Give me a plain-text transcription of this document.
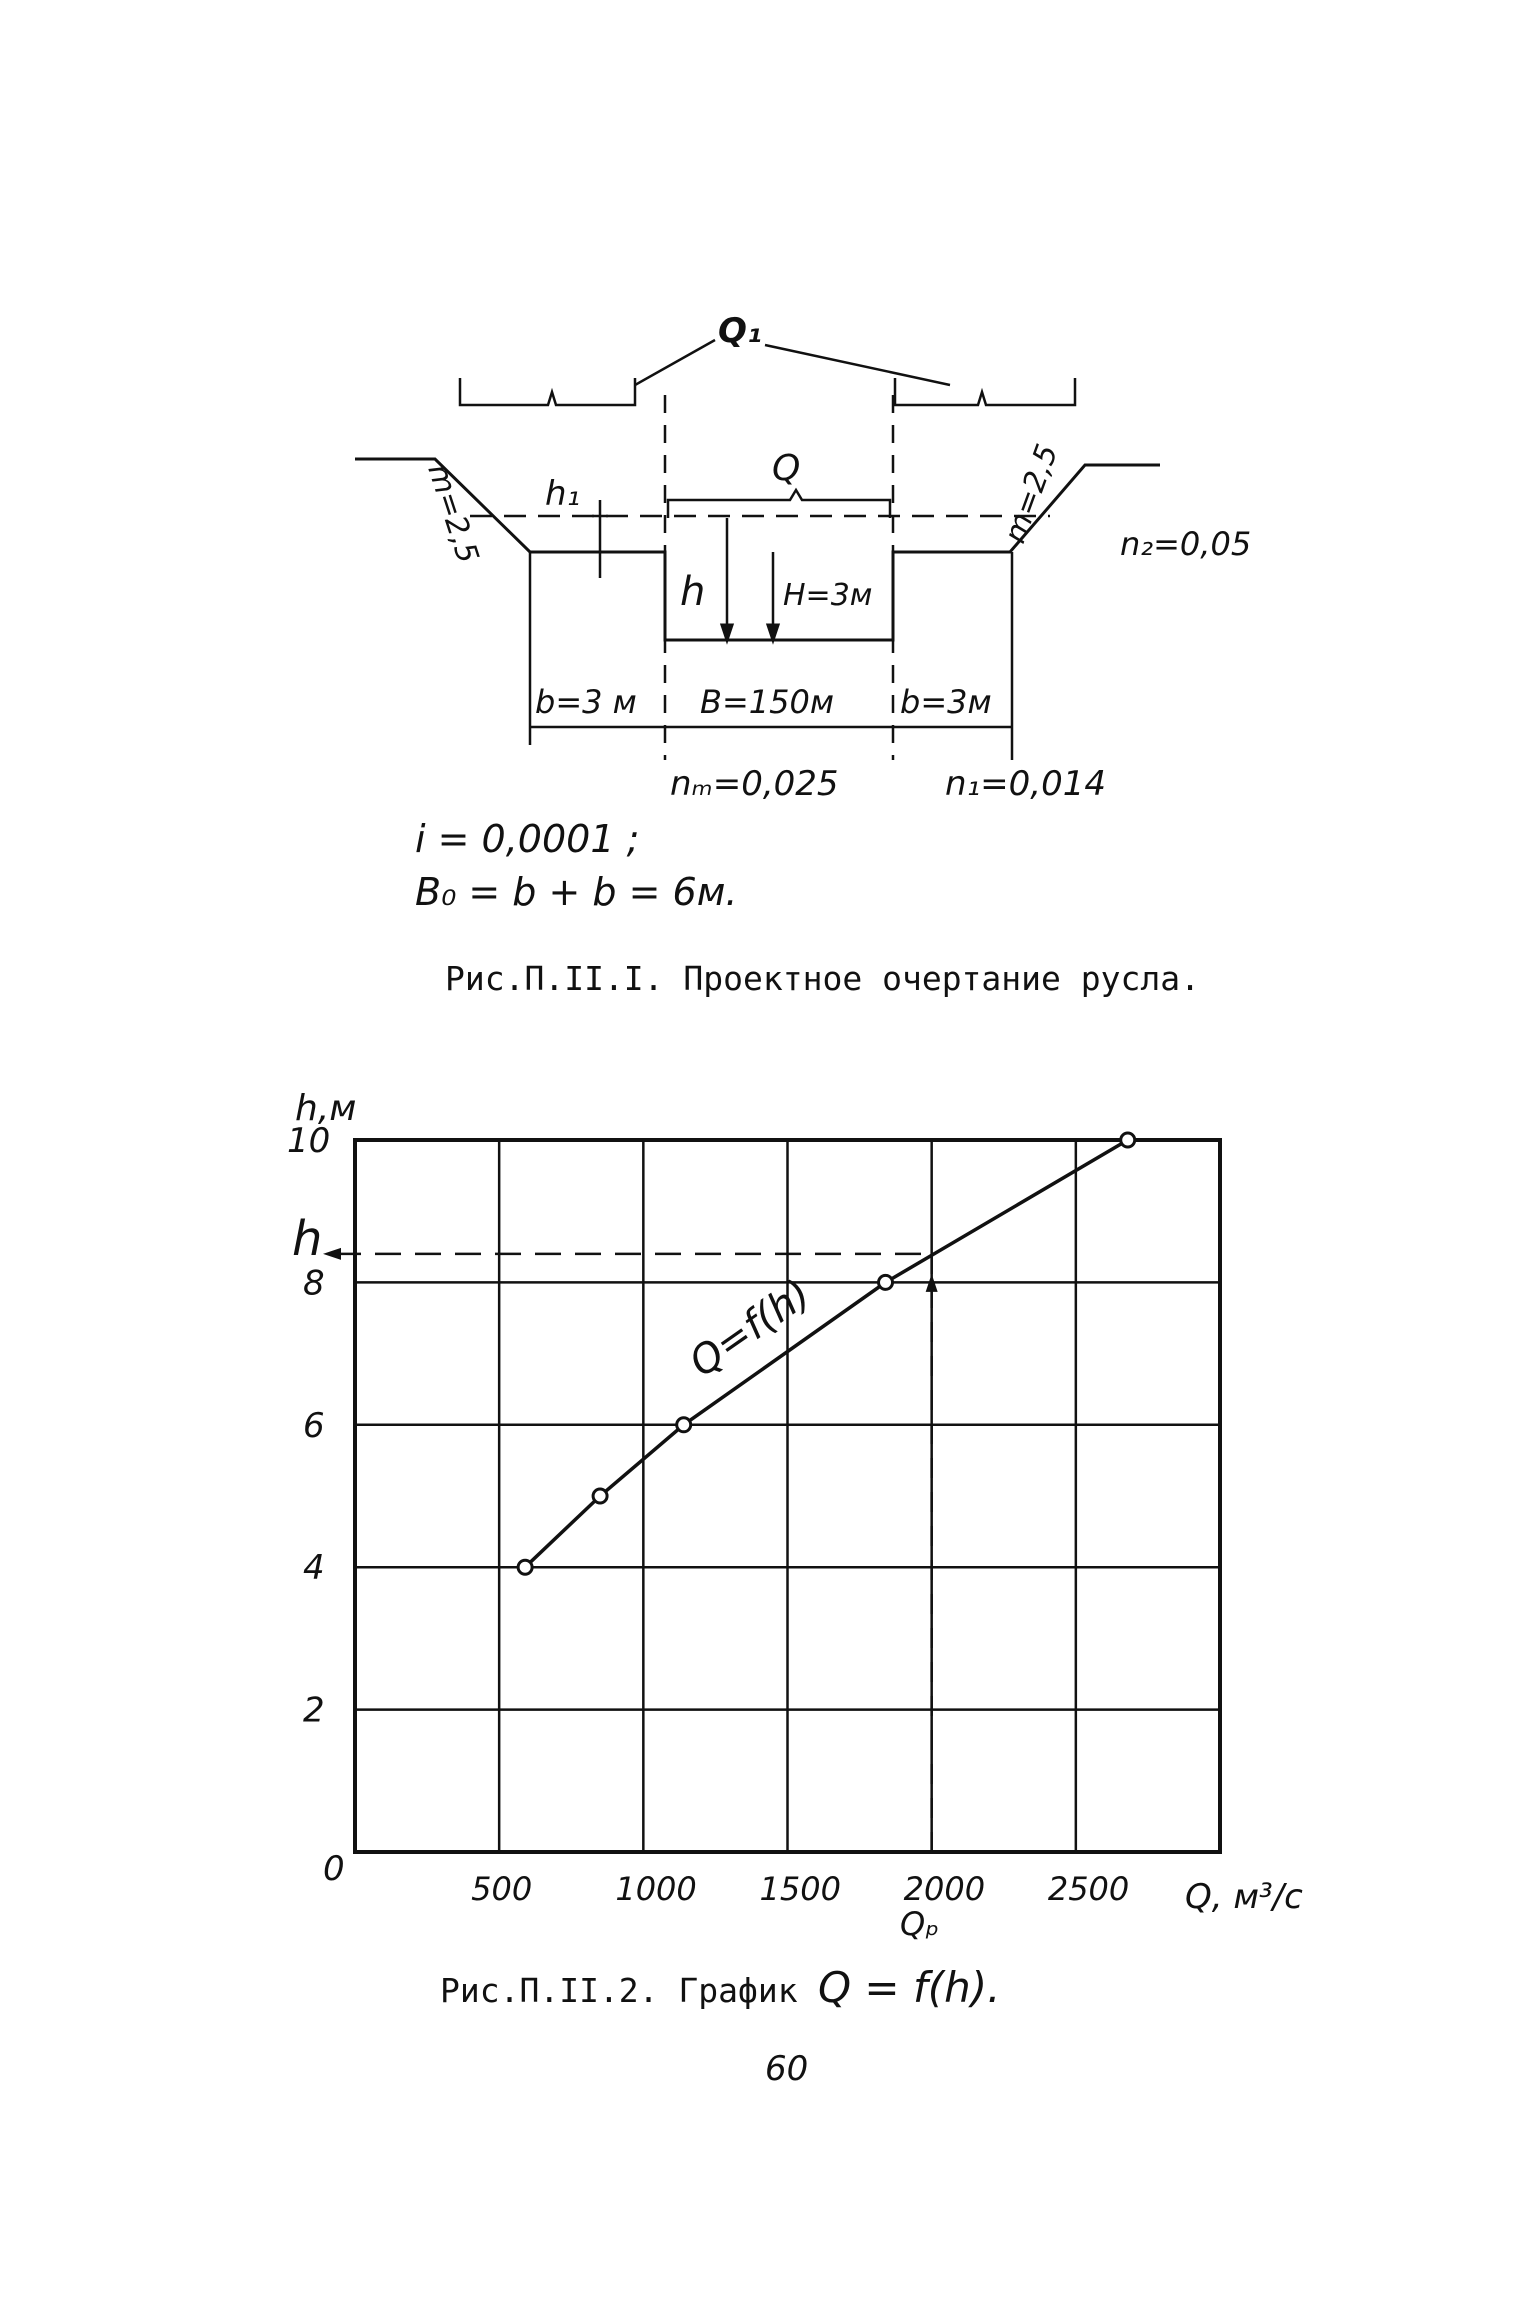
Q₁
Q
h₁
h	H=3м
m=2,5	m=2,5 n₂=0,05
b=3 м B=150м b=3м
nₘ=0,025	n₁=0,014
i = 0,0001 ;
B₀ = b + b = 6м.
Рис.П.II.I. Проектное очертание русла.
500	1000 1500 2000 2500
2
4
6
8
10
h,м
Q, м³/с
0
Q=f(h)
h
Qₚ
Рис.П.II.2. График Q = f(h).
60
